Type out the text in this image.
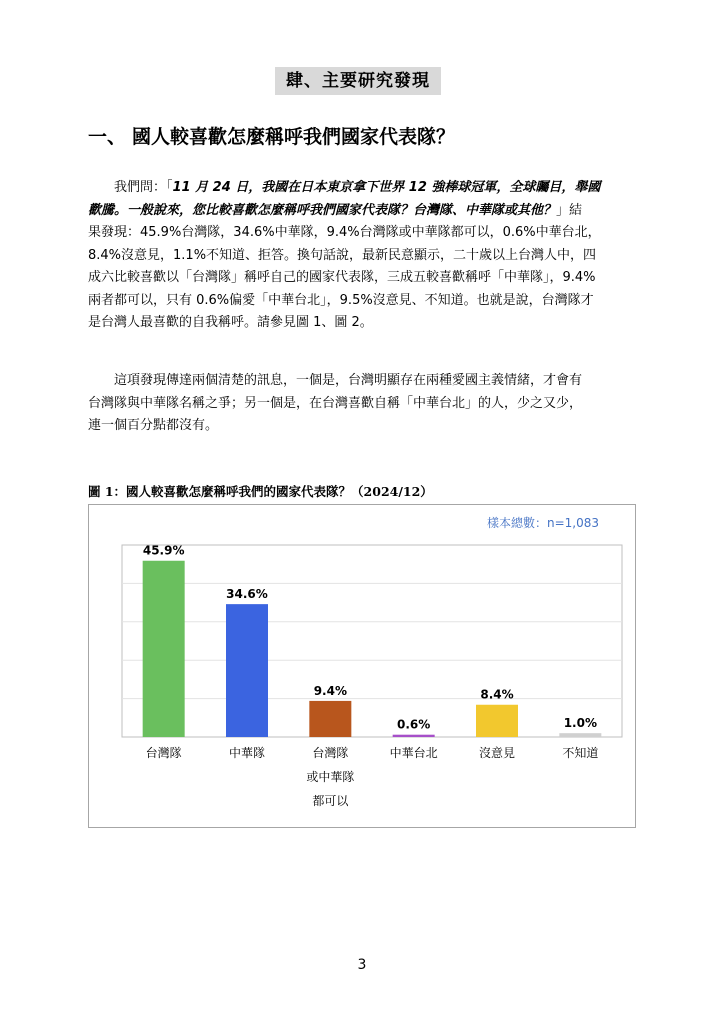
肆、主要研究發現
一、 國人較喜歡怎麼稱呼我們國家代表隊？
我們問：「11 月 24 日，我國在日本東京拿下世界 12 強棒球冠軍，全球矚目，舉國
歡騰。一般說來，您比較喜歡怎麼稱呼我們國家代表隊？台灣隊、中華隊或其他？」結
果發現：45.9%台灣隊，34.6%中華隊，9.4%台灣隊或中華隊都可以，0.6%中華台北，
8.4%沒意見，1.1%不知道、拒答。換句話說，最新民意顯示，二十歲以上台灣人中，四
成六比較喜歡以「台灣隊」稱呼自己的國家代表隊，三成五較喜歡稱呼「中華隊」，9.4%
兩者都可以，只有 0.6%偏愛「中華台北」，9.5%沒意見、不知道。也就是說，台灣隊才
是台灣人最喜歡的自我稱呼。請參見圖 1、圖 2。
這項發現傳達兩個清楚的訊息，一個是，台灣明顯存在兩種愛國主義情緒，才會有
台灣隊與中華隊名稱之爭；另一個是，在台灣喜歡自稱「中華台北」的人，少之又少，
連一個百分點都沒有。
圖 1：國人較喜歡怎麼稱呼我們的國家代表隊？（2024/12）
樣本總數：n=1,083
45.9%
台灣隊
34.6%
中華隊
9.4%
台灣隊
或中華隊
都可以
0.6%
中華台北
8.4%
沒意見
1.0%
不知道
3
